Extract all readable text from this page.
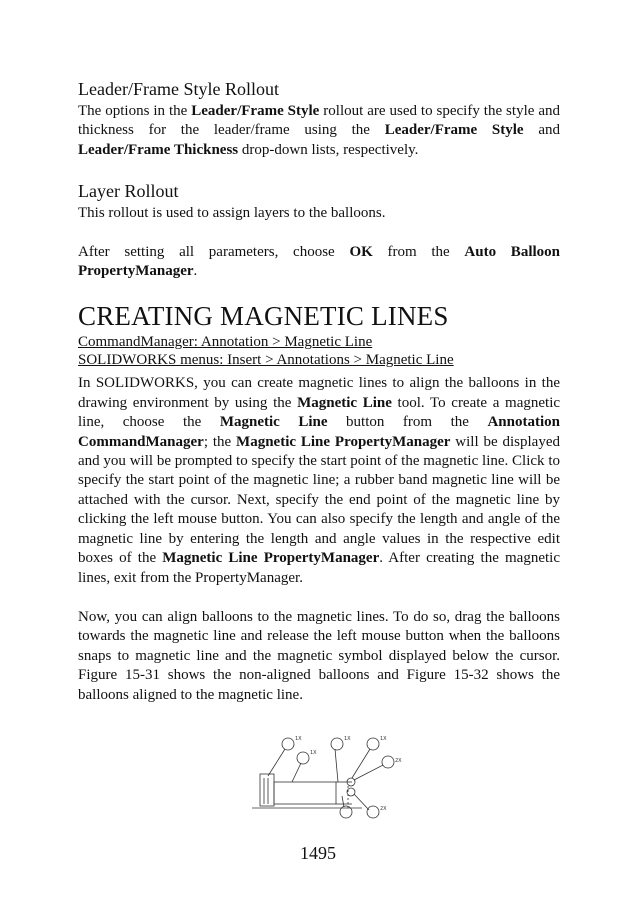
Leader/Frame Style Rollout

The options in the Leader/Frame Style rollout are used to specify the style and thickness for the leader/frame using the Leader/Frame Style and Leader/Frame Thickness drop-down lists, respectively.

Layer Rollout

This rollout is used to assign layers to the balloons.

After setting all parameters, choose OK from the Auto Balloon PropertyManager.

CREATING MAGNETIC LINES
CommandManager: Annotation > Magnetic Line
SOLIDWORKS menus: Insert > Annotations > Magnetic Line

In SOLIDWORKS, you can create magnetic lines to align the balloons in the drawing environment by using the Magnetic Line tool. To create a magnetic line, choose the Magnetic Line button from the Annotation CommandManager; the Magnetic Line PropertyManager will be displayed and you will be prompted to specify the start point of the magnetic line. Click to specify the start point of the magnetic line; a rubber band magnetic line will be attached with the cursor. Next, specify the end point of the magnetic line by clicking the left mouse button. You can also specify the length and angle of the magnetic line by entering the length and angle values in the respective edit boxes of the Magnetic Line PropertyManager. After creating the magnetic lines, exit from the PropertyManager.

Now, you can align balloons to the magnetic lines. To do so, drag the balloons towards the magnetic line and release the left mouse button when the balloons snaps to magnetic line and the magnetic symbol displayed below the cursor. Figure 15-31 shows the non-aligned balloons and Figure 15-32 shows the balloons aligned to the magnetic line.

1X
1X
1X	1X
2X
2X
1495
